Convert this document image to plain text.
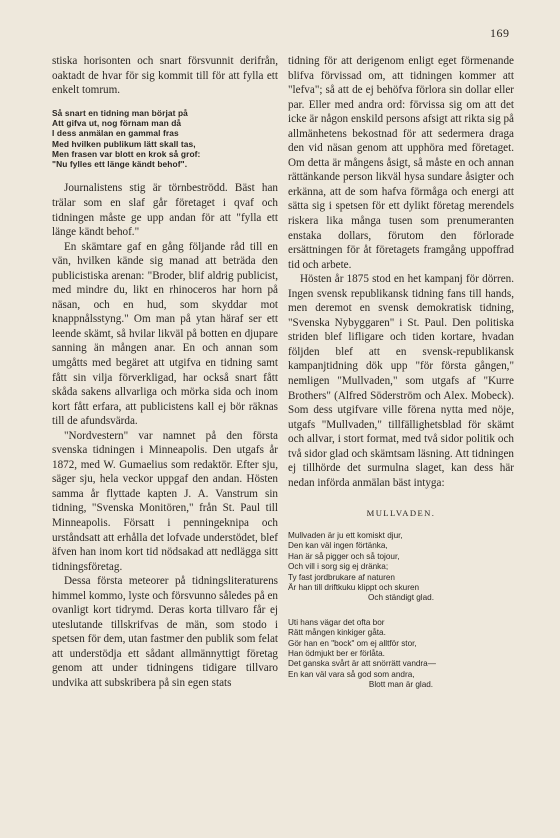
169

stiska horisonten och snart försvunnit derifrån, oaktadt de hvar för sig kommit till för att fylla ett enkelt tomrum.

Så snart en tidning man börjat på
Att gifva ut, nog förnam man då
I dess anmälan en gammal fras
Med hvilken publikum lätt skall tas,
Men frasen var blott en krok så grof:
"Nu fylles ett länge kändt behof".

Journalistens stig är törnbeströdd. Bäst han trälar som en slaf går företaget i qvaf och tidningen måste ge upp andan för att "fylla ett länge kändt behof."

En skämtare gaf en gång följande råd till en vän, hvilken kände sig manad att beträda den publicistiska arenan: "Broder, blif aldrig publicist, med mindre du, likt en rhinoceros har horn på näsan, och en hud, som skyddar mot knappnålsstyng." Om man på ytan häraf ser ett leende skämt, så hvilar likväl på botten en djupare sanning än mången anar. En och annan som umgåtts med begäret att utgifva en tidning samt fått sin vilja förverkligad, har också snart fått skåda sakens allvarliga och mörka sida och inom kort fått erfara, att publicistens kall ej bör räknas till de afundsvärda.

"Nordvestern" var namnet på den första svenska tidningen i Minneapolis. Den utgafs år 1872, med W. Gumaelius som redaktör. Efter sju, säger sju, hela veckor uppgaf den andan. Hösten samma år flyttade kapten J. A. Vanstrum sin tidning, "Svenska Monitören," från St. Paul till Minneapolis. Försatt i penningeknipa och urståndsatt att erhålla det lofvade understödet, blef äfven han inom kort tid nödsakad att nedlägga sitt tidningsföretag.

Dessa första meteorer på tidningsliteraturens himmel kommo, lyste och försvunno således på en ovanligt kort tidrymd. Deras korta tillvaro får ej uteslutande tillskrifvas de män, som stodo i spetsen för dem, utan fastmer den publik som felat att understödja ett sådant allmännyttigt företag genom att under tidningens tidigare tillvaro undvika att subskribera på sin egen stats

tidning för att derigenom enligt eget förmenande blifva förvissad om, att tidningen kommer att "lefva"; så att de ej behöfva förlora sin dollar eller par. Eller med andra ord: förvissa sig om att det icke är någon enskild persons afsigt att rikta sig på allmänhetens bekostnad för att sedermera draga den vid näsan genom att upphöra med företaget. Om detta är mångens åsigt, så måste en och annan rättänkande person likväl hysa sundare åsigter och erkänna, att de som hafva förmåga och energi att sätta sig i spetsen för ett dylikt företag merendels riskera lika många tusen som prenumeranten enstaka dollars, förutom den förlorade ersättningen för åt företagets framgång uppoffrad tid och arbete.

Hösten år 1875 stod en het kampanj för dörren. Ingen svensk republikansk tidning fans till hands, men deremot en svensk demokratisk tidning, "Svenska Nybyggaren" i St. Paul. Den politiska striden blef lifligare och tiden kortare, hvadan följden blef att en svensk-republikansk kampanjtidning dök upp "för första gången," nemligen "Mullvaden," som utgafs af "Kurre Brothers" (Alfred Söderström och Alex. Mobeck). Som dess utgifvare ville förena nytta med nöje, utgafs "Mullvaden," tillfällighetsblad för skämt och allvar, i stort format, med två sidor politik och två sidor glad och skämtsam läsning. Att tidningen ej tillhörde det surmulna slaget, kan dess här nedan införda anmälan bäst intyga:

MULLVADEN.
Mullvaden är ju ett komiskt djur,
Den kan väl ingen förtänka,
Han är så pigger och så tojour,
Och vill i sorg sig ej dränka;
Ty fast jordbrukare af naturen
Är han till driftkuku klippt och skuren
Och ständigt glad.
Uti hans vägar det ofta bor
Rätt mången kinkiger gåta.
Gör han en "bock" om ej alltför stor,
Han ödmjukt ber er förlåta.
Det ganska svårt är att snörrätt vandra—
En kan väl vara så god som andra,
Blott man är glad.
